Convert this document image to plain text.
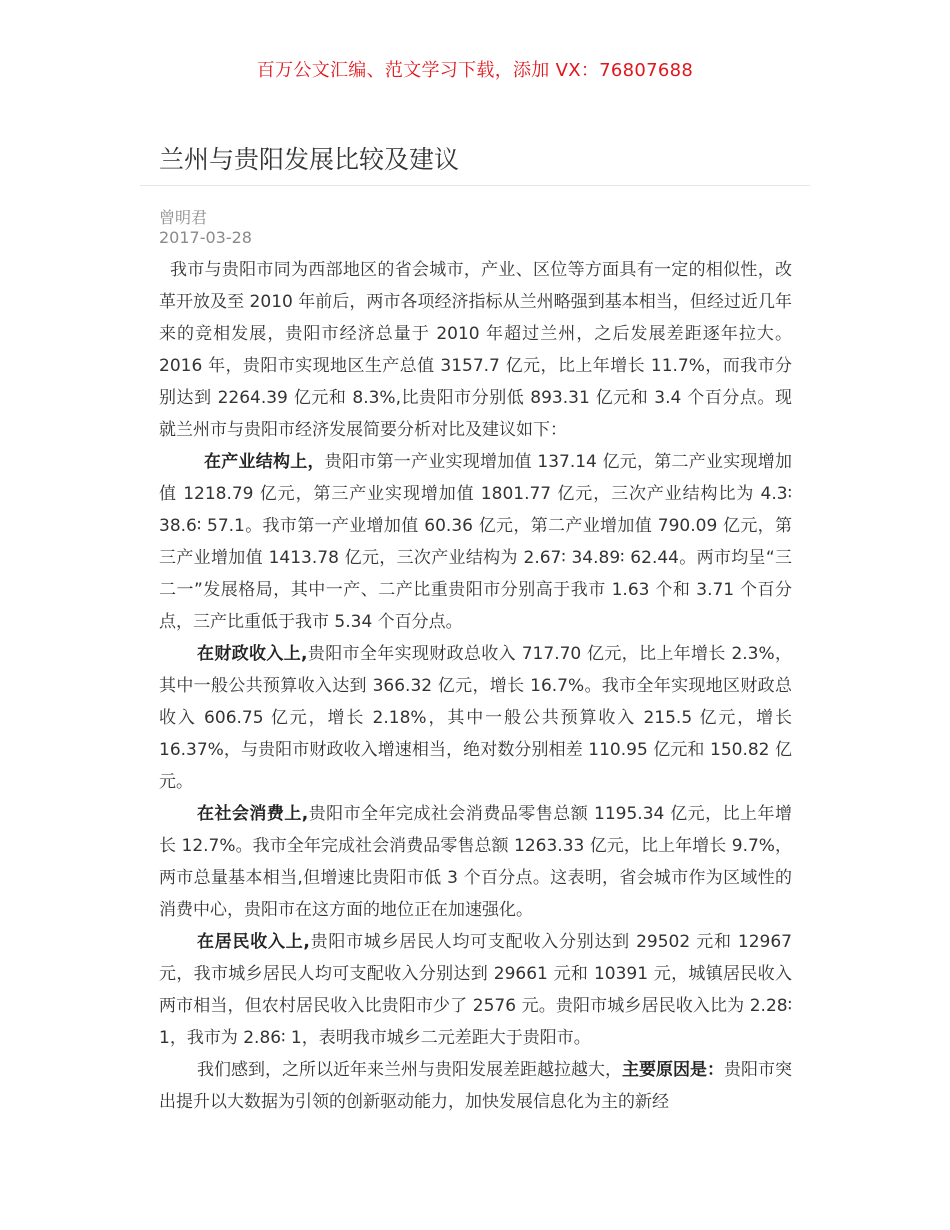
百万公文汇编、范文学习下载，添加 VX：76807688
兰州与贵阳发展比较及建议
曾明君
2017-03-28

我市与贵阳市同为西部地区的省会城市，产业、区位等方面具有一定的相似性，改革开放及至 2010 年前后，两市各项经济指标从兰州略强到基本相当，但经过近几年来的竞相发展，贵阳市经济总量于 2010 年超过兰州，之后发展差距逐年拉大。2016 年，贵阳市实现地区生产总值 3157.7 亿元，比上年增长 11.7%，而我市分别达到 2264.39 亿元和 8.3%,比贵阳市分别低 893.31 亿元和 3.4 个百分点。现就兰州市与贵阳市经济发展简要分析对比及建议如下：

在产业结构上，贵阳市第一产业实现增加值 137.14 亿元，第二产业实现增加值 1218.79 亿元，第三产业实现增加值 1801.77 亿元，三次产业结构比为 4.3∶ 38.6∶ 57.1。我市第一产业增加值 60.36 亿元，第二产业增加值 790.09 亿元，第三产业增加值 1413.78 亿元，三次产业结构为 2.67∶ 34.89∶ 62.44。两市均呈“三二一”发展格局，其中一产、二产比重贵阳市分别高于我市 1.63 个和 3.71 个百分点，三产比重低于我市 5.34 个百分点。

在财政收入上,贵阳市全年实现财政总收入 717.70 亿元，比上年增长 2.3%，其中一般公共预算收入达到 366.32 亿元，增长 16.7%。我市全年实现地区财政总收入 606.75 亿元，增长 2.18%，其中一般公共预算收入 215.5 亿元，增长 16.37%，与贵阳市财政收入增速相当，绝对数分别相差 110.95 亿元和 150.82 亿元。

在社会消费上,贵阳市全年完成社会消费品零售总额 1195.34 亿元，比上年增长 12.7%。我市全年完成社会消费品零售总额 1263.33 亿元，比上年增长 9.7%，两市总量基本相当,但增速比贵阳市低 3 个百分点。这表明，省会城市作为区域性的消费中心，贵阳市在这方面的地位正在加速强化。

在居民收入上,贵阳市城乡居民人均可支配收入分别达到 29502 元和 12967 元，我市城乡居民人均可支配收入分别达到 29661 元和 10391 元，城镇居民收入两市相当，但农村居民收入比贵阳市少了 2576 元。贵阳市城乡居民收入比为 2.28∶ 1，我市为 2.86∶ 1，表明我市城乡二元差距大于贵阳市。

我们感到，之所以近年来兰州与贵阳发展差距越拉越大，主要原因是：贵阳市突出提升以大数据为引领的创新驱动能力，加快发展信息化为主的新经
